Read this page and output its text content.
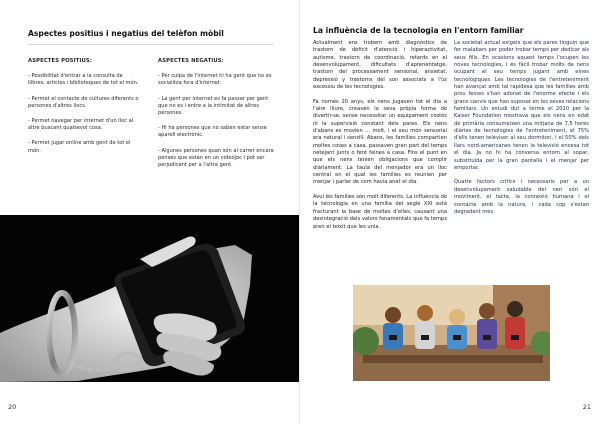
Aspectes positius i negatius del telèfon mòbil
ASPECTES POSITIUS:

- Possibilitat d'entrar a la consulta de llibres, articles i biblioteques de tot el món.

- Permet el contacte de cultures diferents o persones d'altres llocs.

- Permet navegar per internet d'un lloc al altre buscant qualsevol cosa.

- Permet jugar online amb gent de tot el món.

ASPECTES NEGATIUS:

- Per culpa de l'internet hi ha gent que no es socialitza fora d'internet.

- La gent per internet es fa passar per gent que no es i entre a la intimitat de altres persones.

- Hi ha persones que no saben estar sense aparell electrònic.

- Algunes persones quan són al carrer encara penses que estan en un videojoc i pot ser perjudicant per a l'altra gent.

20
La influència de la tecnologia en l'entorn familiar

Actualment ens trobem amb diagnòstics de trastorn de dèficit d'atenció i hiperactivitat, autisme, trastorn de coordinació, retards en el desenvolupament, dificultats d'aprenentatge, trastorn del processament sensorial, ansietat, depressió y trastorns del son associats a l'ús excessiu de les tecnologies.

Fa només 20 anys, els nens jugaven tot el dia a l'aire lliure, creaven la seva pròpia forma de divertir-se, sense necessitar un equipament costós ni la supervisió constant dels pares. Els nens d'abans es movien … molt, i el seu món sensorial era natural i senzill. Abans, les famílies compartien moltes coses a casa, passaven gran part del temps netejant junts o fent feines a casa. Fins el punt en que els nens tenien obligacions que complir diàriament. La taula del menjador era un lloc central en el qual les famílies es reunien per menjar i parlar de com havia anat el dia.

Avui les famílies són molt diferents. La influència de la tecnologia en una família del segle XXI està fracturant la base de moltes d'elles, causant una desintegració dels valors fonamentals que fa temps eren el teixit que les unia.

La societat actual exigeix que els pares tinguin que fer malabars per poder trobar temps per dedicar als seus fills. En ocasions aquest temps l'ocupen les noves tecnologies, i és fàcil trobar molts de nens ocupant el seu temps jugant amb eines tecnològiques. Les tecnologies de l'entreteniment han avançat amb tal rapidesa que les famílies amb prou feines s'han adonat de l'enorme efecte i els grans canvis que han suposat en les seves relacions familiars. Un estudi dut a terme el 2010 per la Kaiser Foundation mostrava que els nens en edat de primària consumeixen una mitjana de 7,5 hores diàries de tecnologies de l'entreteniment, el 75% d'ells tenen televisor al seu dormitori, i el 50% dels llars nord-americanes tenen la televisió encesa tot el dia. Ja no hi ha conversa entorn al sopar, substituïda per la gran pantalla i el menjar per emportar.

Quatre factors crítics i necessaris per a un desenvolupament saludable del nen són el moviment, el tacte, la connexió humana i el contacte amb la natura, i cada cop s'estan degradant mes.

21
